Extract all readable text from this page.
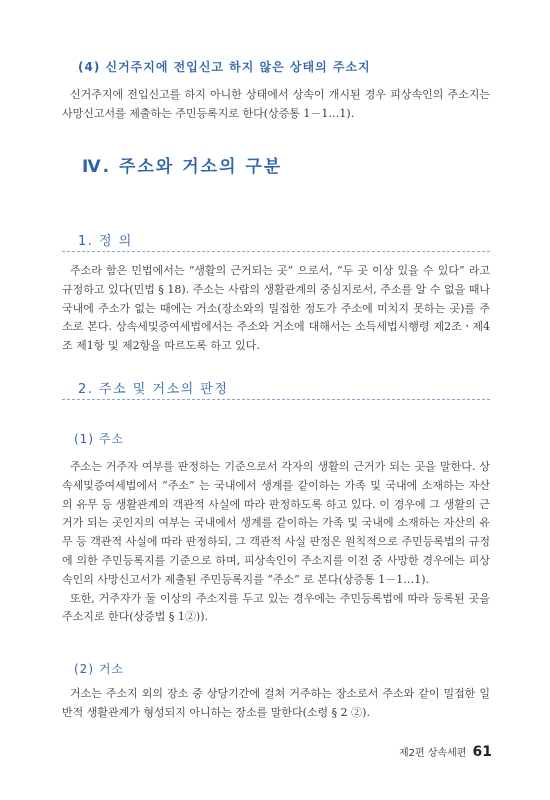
(4) 신거주지에 전입신고 하지 않은 상태의 주소지

신거주지에 전입신고를 하지 아니한 상태에서 상속이 개시된 경우 피상속인의 주소지는 사망신고서를 제출하는 주민등록지로 한다(상증통 1－1…1).

Ⅳ. 주소와 거소의 구분
1. 정 의

주소라 함은 민법에서는 “생활의 근거되는 곳” 으로서, “두 곳 이상 있을 수 있다” 라고 규정하고 있다(민법 § 18). 주소는 사람의 생활관계의 중심지로서, 주소를 알 수 없을 때나 국내에 주소가 없는 때에는 거소(장소와의 밀접한 정도가 주소에 미치지 못하는 곳)를 주소로 본다. 상속세및증여세법에서는 주소와 거소에 대해서는 소득세법시행령 제2조ㆍ제4조 제1항 및 제2항을 따르도록 하고 있다.

2. 주소 및 거소의 판정
(1) 주소

주소는 거주자 여부를 판정하는 기준으로서 각자의 생활의 근거가 되는 곳을 말한다. 상속세및증여세법에서 “주소” 는 국내에서 생계를 같이하는 가족 및 국내에 소재하는 자산의 유무 등 생활관계의 객관적 사실에 따라 판정하도록 하고 있다. 이 경우에 그 생활의 근거가 되는 곳인지의 여부는 국내에서 생계를 같이하는 가족 및 국내에 소재하는 자산의 유무 등 객관적 사실에 따라 판정하되, 그 객관적 사실 판정은 원칙적으로 주민등록법의 규정에 의한 주민등록지를 기준으로 하며, 피상속인이 주소지를 이전 중 사망한 경우에는 피상속인의 사망신고서가 제출된 주민등록지를 “주소” 로 본다(상증통 1－1…1).

또한, 거주자가 둘 이상의 주소지를 두고 있는 경우에는 주민등록법에 따라 등록된 곳을 주소지로 한다(상증법 § 1②)).

(2) 거소

거소는 주소지 외의 장소 중 상당기간에 걸쳐 거주하는 장소로서 주소와 같이 밀접한 일반적 생활관계가 형성되지 아니하는 장소를 말한다(소령 § 2 ②).

제2편 상속세편 61
